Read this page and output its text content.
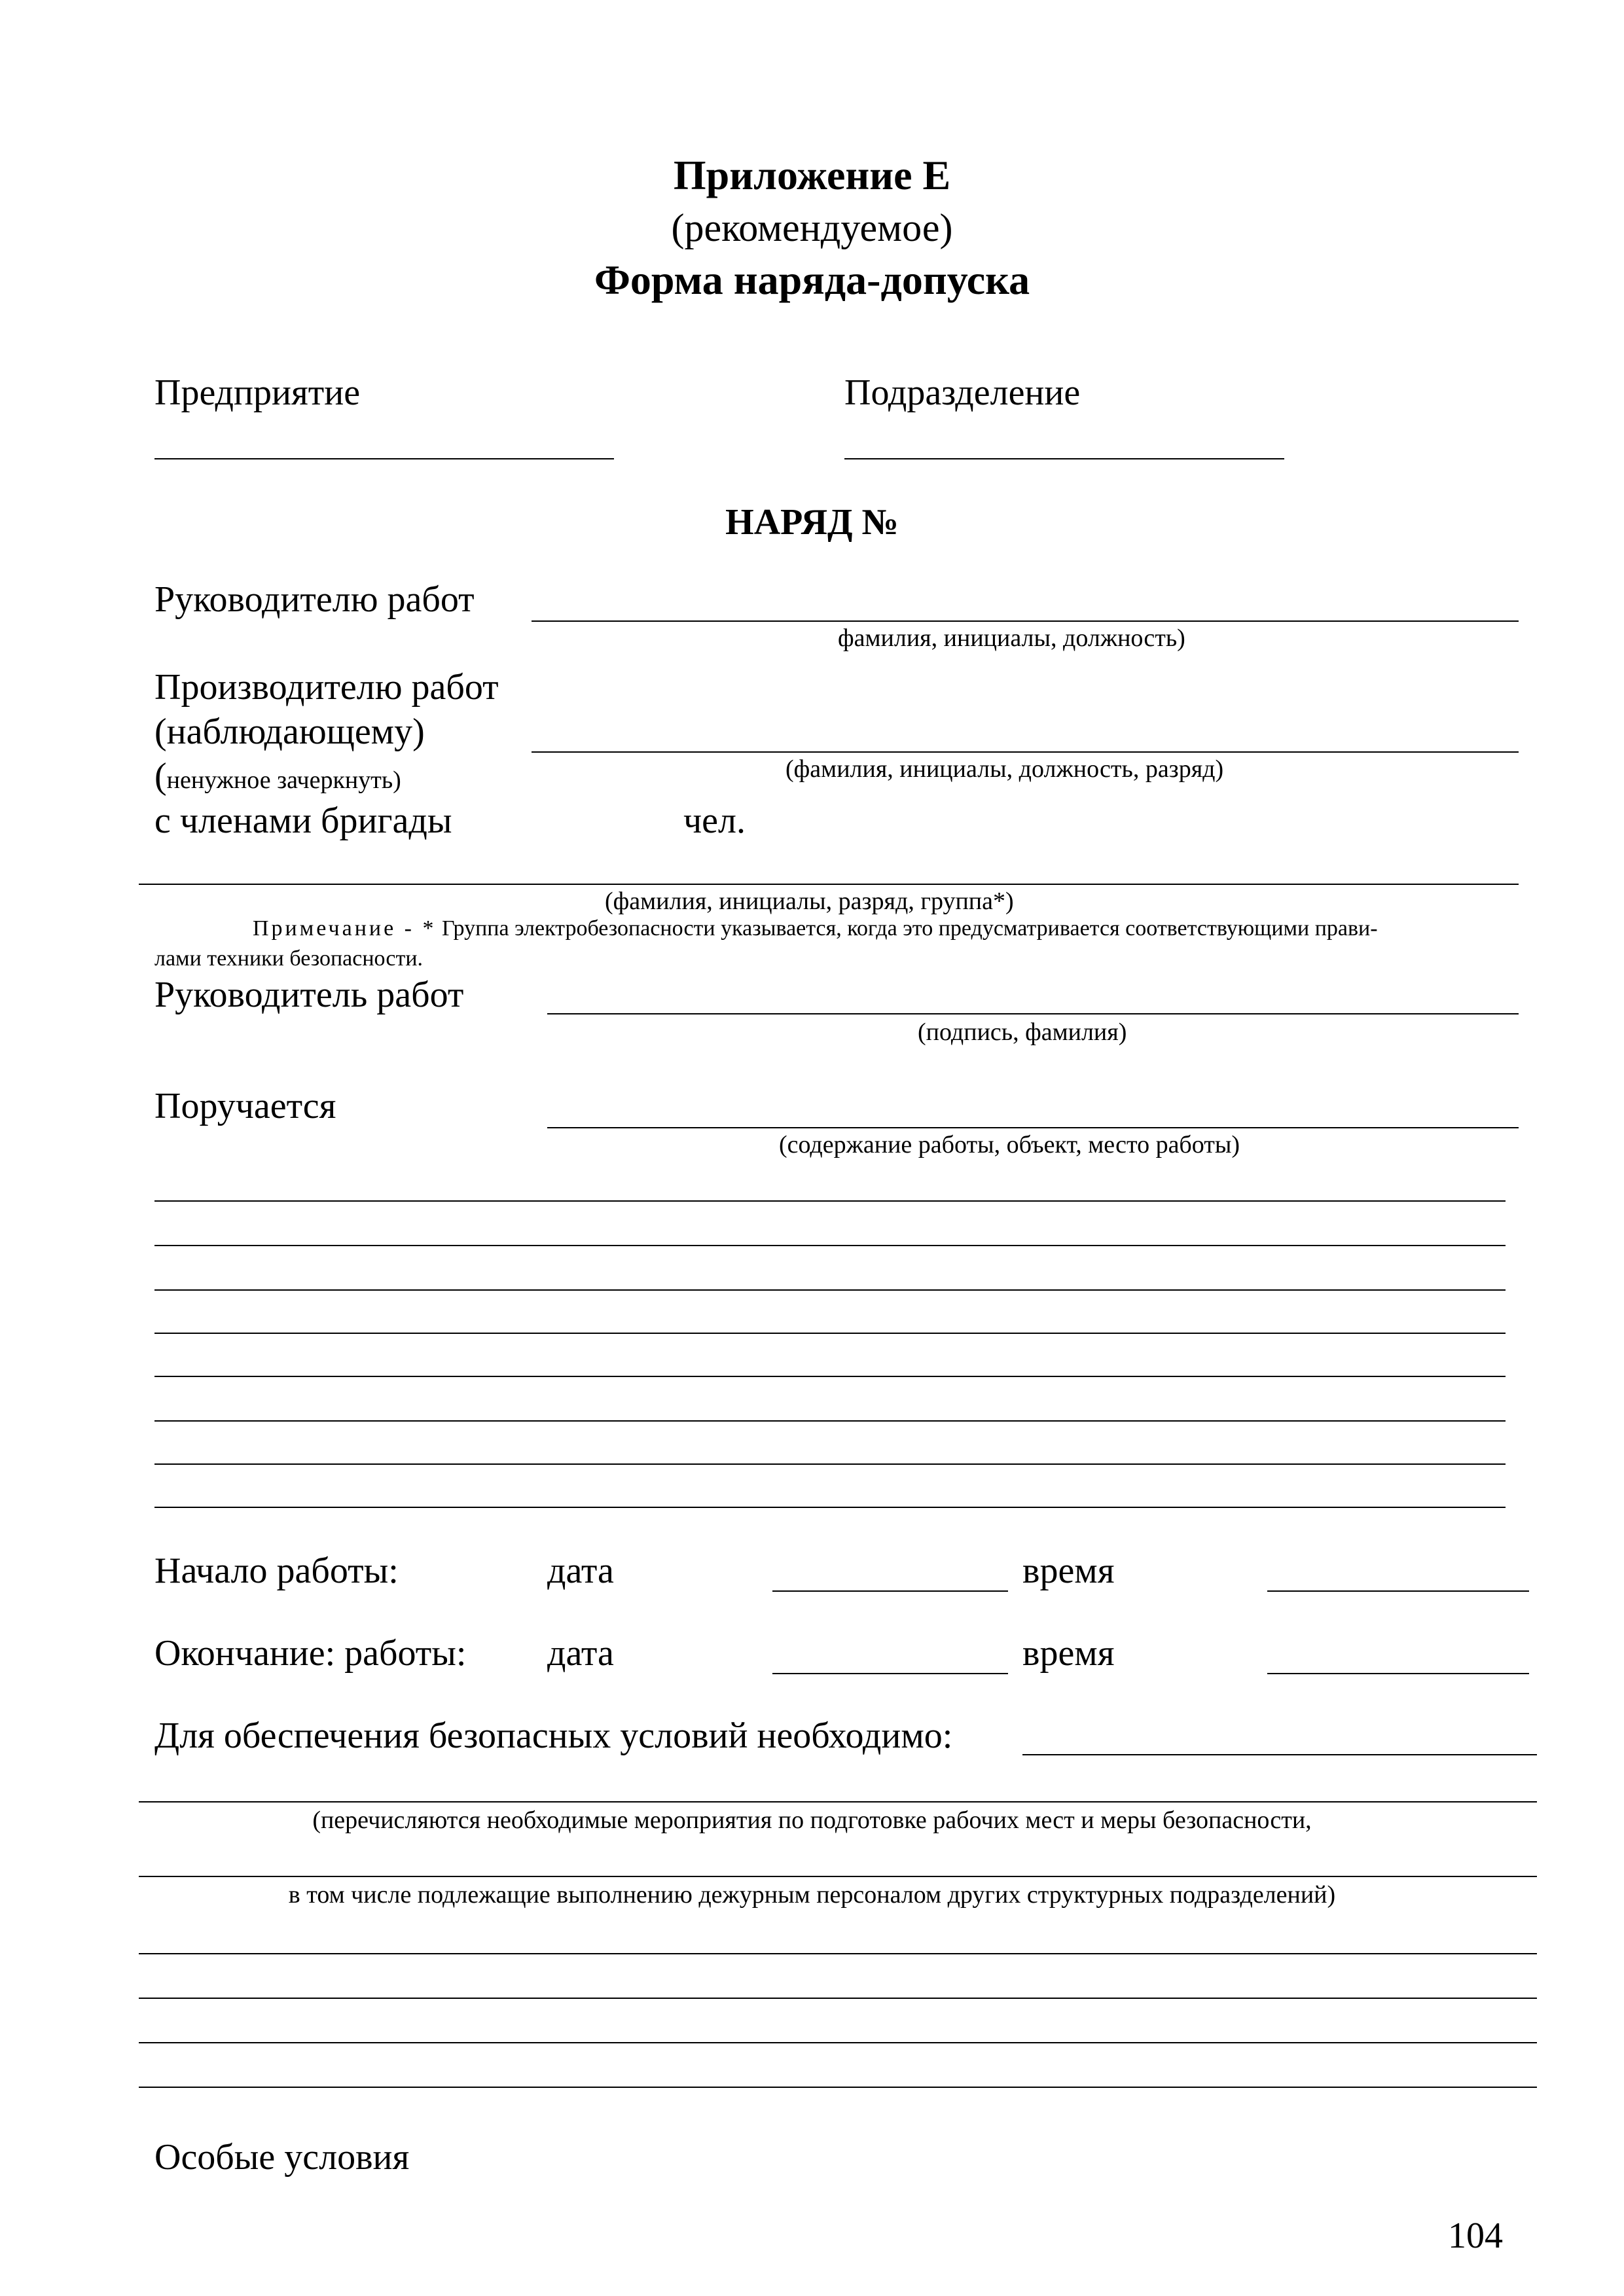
Приложение Е
(рекомендуемое)
Форма наряда-допуска
Предприятие	Подразделение
НАРЯД №
Руководителю работ
фамилия, инициалы, должность)
Производителю работ
(наблюдающему)
(ненужное зачеркнуть)	(фамилия, инициалы, должность, разряд)
с членами бригады	чел.
(фамилия, инициалы, разряд, группа*)
Примечание - * Группа электробезопасности указывается, когда это предусматривается соответствующими прави-
лами техники безопасности.
Руководитель работ
(подпись, фамилия)
Поручается
(содержание работы, объект, место работы)
Начало работы:	дата	время
Окончание: работы: дата	время
Для обеспечения безопасных условий необходимо:
(перечисляются необходимые мероприятия по подготовке рабочих мест и меры безопасности,
в том числе подлежащие выполнению дежурным персоналом других структурных подразделений)
Особые условия
104
